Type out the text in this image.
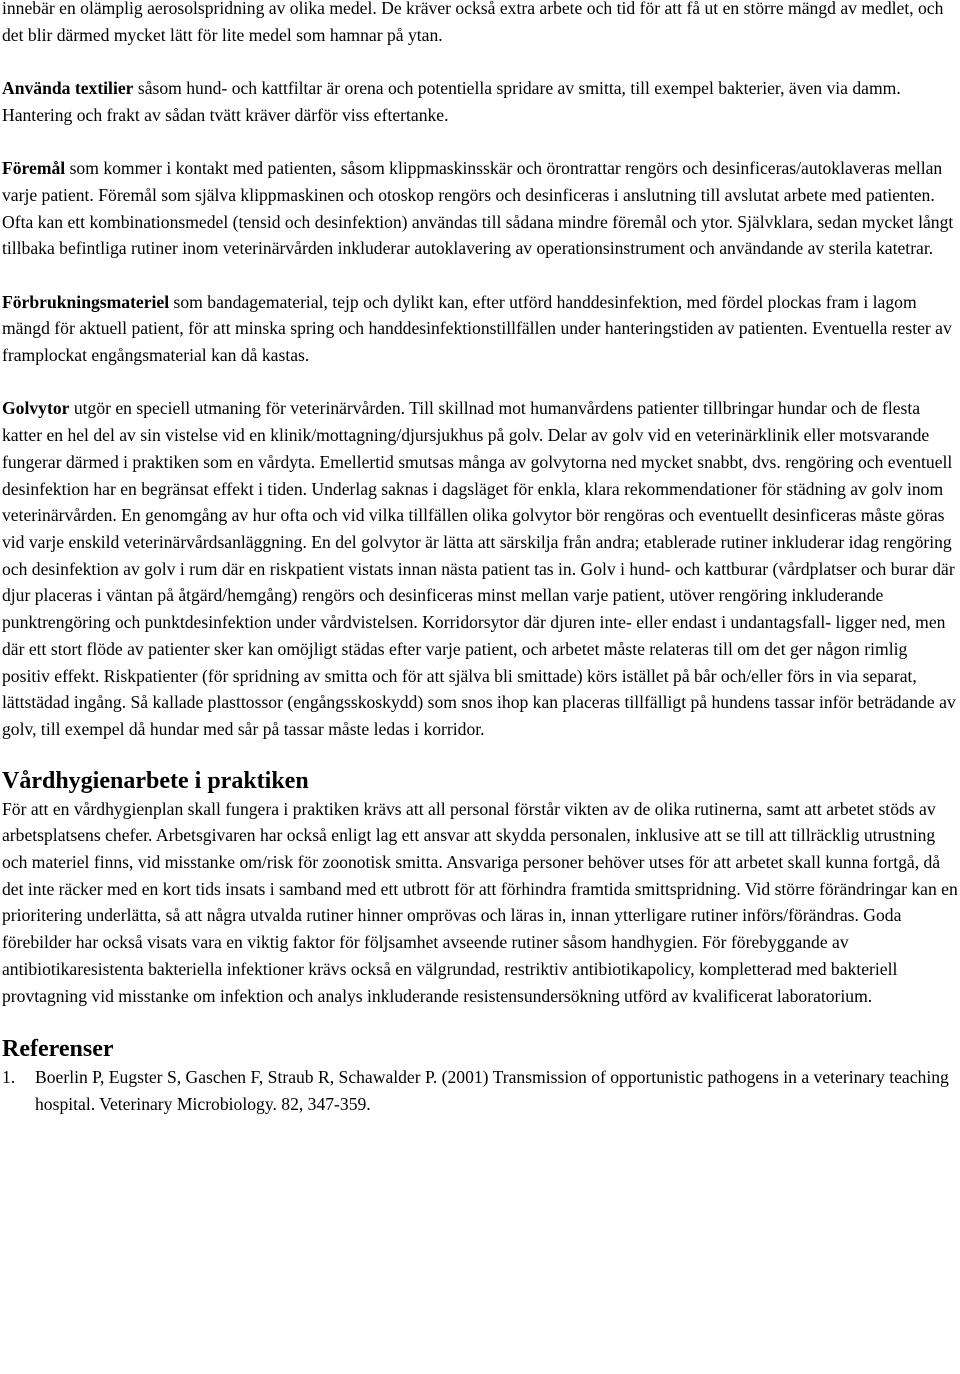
innebär en olämplig aerosolspridning av olika medel. De kräver också extra arbete och tid för att få ut en större mängd av medlet, och det blir därmed mycket lätt för lite medel som hamnar på ytan.

Använda textilier såsom hund- och kattfiltar är orena och potentiella spridare av smitta, till exempel bakterier, även via damm. Hantering och frakt av sådan tvätt kräver därför viss eftertanke.

Föremål som kommer i kontakt med patienten, såsom klippmaskinsskär och örontrattar rengörs och desinficeras/autoklaveras mellan varje patient. Föremål som själva klippmaskinen och otoskop rengörs och desinficeras i anslutning till avslutat arbete med patienten. Ofta kan ett kombinationsmedel (tensid och desinfektion) användas till sådana mindre föremål och ytor. Självklara, sedan mycket långt tillbaka befintliga rutiner inom veterinärvården inkluderar autoklavering av operationsinstrument och användande av sterila katetrar.

Förbrukningsmateriel som bandagematerial, tejp och dylikt kan, efter utförd handdesinfektion, med fördel plockas fram i lagom mängd för aktuell patient, för att minska spring och handdesinfektionstillfällen under hanteringstiden av patienten. Eventuella rester av framplockat engångsmaterial kan då kastas.

Golvytor utgör en speciell utmaning för veterinärvården. Till skillnad mot humanvårdens patienter tillbringar hundar och de flesta katter en hel del av sin vistelse vid en klinik/mottagning/djursjukhus på golv. Delar av golv vid en veterinärklinik eller motsvarande fungerar därmed i praktiken som en vårdyta. Emellertid smutsas många av golvytorna ned mycket snabbt, dvs. rengöring och eventuell desinfektion har en begränsat effekt i tiden. Underlag saknas i dagsläget för enkla, klara rekommendationer för städning av golv inom veterinärvården. En genomgång av hur ofta och vid vilka tillfällen olika golvytor bör rengöras och eventuellt desinficeras måste göras vid varje enskild veterinärvårdsanläggning. En del golvytor är lätta att särskilja från andra; etablerade rutiner inkluderar idag rengöring och desinfektion av golv i rum där en riskpatient vistats innan nästa patient tas in. Golv i hund- och kattburar (vårdplatser och burar där djur placeras i väntan på åtgärd/hemgång) rengörs och desinficeras minst mellan varje patient, utöver rengöring inkluderande punktrengöring och punktdesinfektion under vårdvistelsen. Korridorsytor där djuren inte- eller endast i undantagsfall- ligger ned, men där ett stort flöde av patienter sker kan omöjligt städas efter varje patient, och arbetet måste relateras till om det ger någon rimlig positiv effekt. Riskpatienter (för spridning av smitta och för att själva bli smittade) körs istället på bår och/eller förs in via separat, lättstädad ingång. Så kallade plasttossor (engångsskoskydd) som snos ihop kan placeras tillfälligt på hundens tassar inför beträdande av golv, till exempel då hundar med sår på tassar måste ledas i korridor.

Vårdhygienarbete i praktiken

För att en vårdhygienplan skall fungera i praktiken krävs att all personal förstår vikten av de olika rutinerna, samt att arbetet stöds av arbetsplatsens chefer. Arbetsgivaren har också enligt lag ett ansvar att skydda personalen, inklusive att se till att tillräcklig utrustning och materiel finns, vid misstanke om/risk för zoonotisk smitta. Ansvariga personer behöver utses för att arbetet skall kunna fortgå, då det inte räcker med en kort tids insats i samband med ett utbrott för att förhindra framtida smittspridning. Vid större förändringar kan en prioritering underlätta, så att några utvalda rutiner hinner omprövas och läras in, innan ytterligare rutiner införs/förändras. Goda förebilder har också visats vara en viktig faktor för följsamhet avseende rutiner såsom handhygien. För förebyggande av antibiotikaresistenta bakteriella infektioner krävs också en välgrundad, restriktiv antibiotikapolicy, kompletterad med bakteriell provtagning vid misstanke om infektion och analys inkluderande resistensundersökning utförd av kvalificerat laboratorium.

Referenser
1. Boerlin P, Eugster S, Gaschen F, Straub R, Schawalder P. (2001) Transmission of opportunistic pathogens in a veterinary teaching hospital. Veterinary Microbiology. 82, 347-359.
